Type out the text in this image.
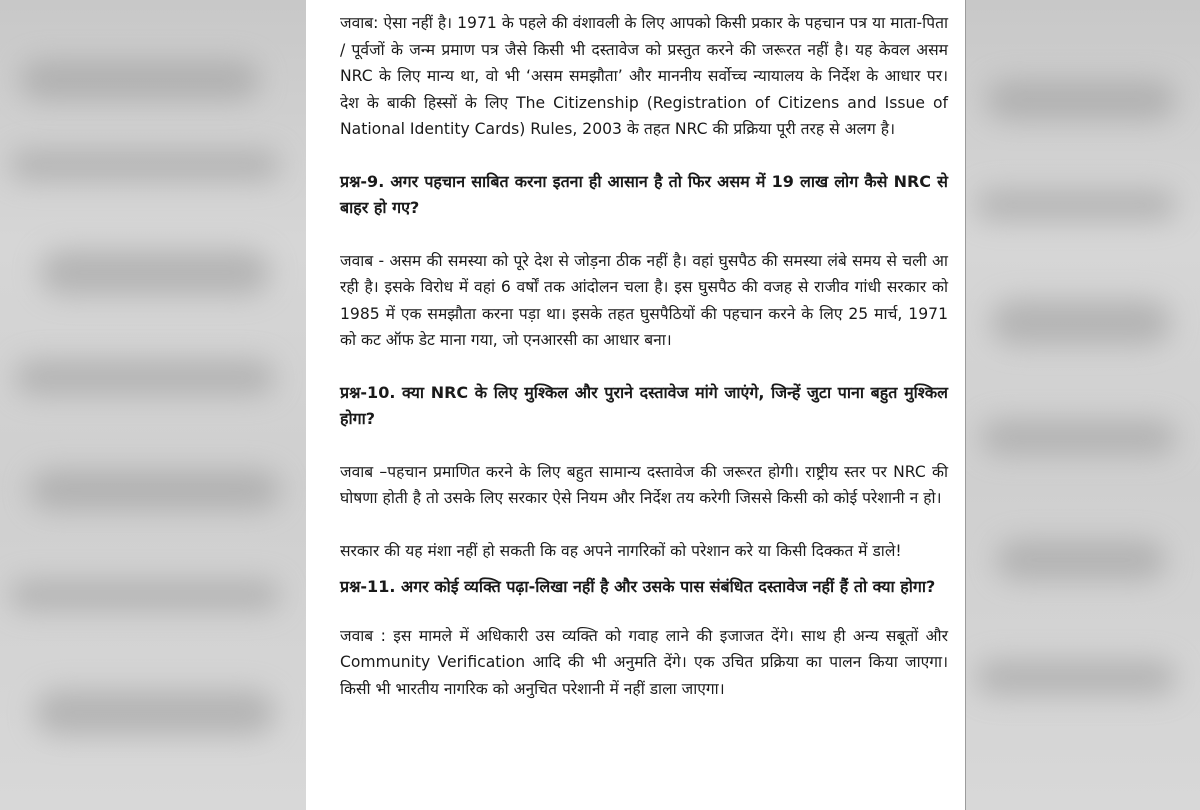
जवाब: ऐसा नहीं है। 1971 के पहले की वंशावली के लिए आपको किसी प्रकार के पहचान पत्र या माता-पिता / पूर्वजों के जन्म प्रमाण पत्र जैसे किसी भी दस्तावेज को प्रस्तुत करने की जरूरत नहीं है। यह केवल असम NRC के लिए मान्य था, वो भी ‘असम समझौता’ और माननीय सर्वोच्च न्यायालय के निर्देश के आधार पर। देश के बाकी हिस्सों के लिए The Citizenship (Registration of Citizens and Issue of National Identity Cards) Rules, 2003 के तहत NRC की प्रक्रिया पूरी तरह से अलग है।

प्रश्न-9. अगर पहचान साबित करना इतना ही आसान है तो फिर असम में 19 लाख लोग कैसे NRC से बाहर हो गए?

जवाब - असम की समस्या को पूरे देश से जोड़ना ठीक नहीं है। वहां घुसपैठ की समस्या लंबे समय से चली आ रही है। इसके विरोध में वहां 6 वर्षों तक आंदोलन चला है। इस घुसपैठ की वजह से राजीव गांधी सरकार को 1985 में एक समझौता करना पड़ा था। इसके तहत घुसपैठियों की पहचान करने के लिए 25 मार्च, 1971 को कट ऑफ डेट माना गया, जो एनआरसी का आधार बना।

प्रश्न-10. क्या NRC के लिए मुश्किल और पुराने दस्तावेज मांगे जाएंगे, जिन्हें जुटा पाना बहुत मुश्किल होगा?

जवाब –पहचान प्रमाणित करने के लिए बहुत सामान्य दस्तावेज की जरूरत होगी। राष्ट्रीय स्तर पर NRC की घोषणा होती है तो उसके लिए सरकार ऐसे नियम और निर्देश तय करेगी जिससे किसी को कोई परेशानी न हो।

सरकार की यह मंशा नहीं हो सकती कि वह अपने नागरिकों को परेशान करे या किसी दिक्कत में डाले!

प्रश्न-11. अगर कोई व्यक्ति पढ़ा-लिखा नहीं है और उसके पास संबंधित दस्तावेज नहीं हैं तो क्या होगा?

जवाब : इस मामले में अधिकारी उस व्यक्ति को गवाह लाने की इजाजत देंगे। साथ ही अन्य सबूतों और Community Verification आदि की भी अनुमति देंगे। एक उचित प्रक्रिया का पालन किया जाएगा। किसी भी भारतीय नागरिक को अनुचित परेशानी में नहीं डाला जाएगा।
